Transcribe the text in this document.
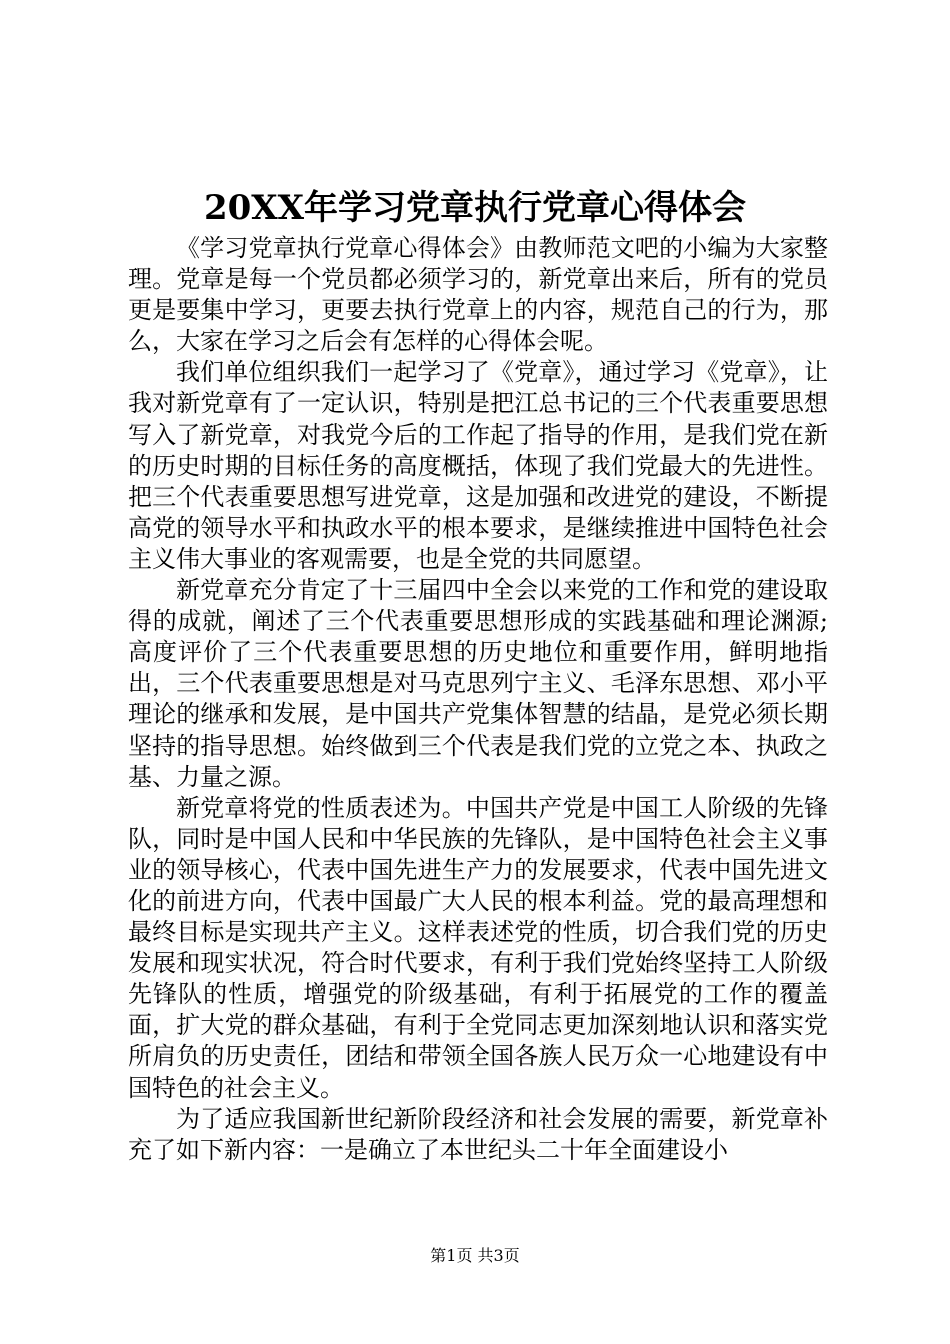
20XX年学习党章执行党章心得体会

《学习党章执行党章心得体会》由教师范文吧的小编为大家整理。党章是每一个党员都必须学习的，新党章出来后，所有的党员更是要集中学习，更要去执行党章上的内容，规范自己的行为，那么，大家在学习之后会有怎样的心得体会呢。

我们单位组织我们一起学习了《党章》，通过学习《党章》，让我对新党章有了一定认识，特别是把江总书记的三个代表重要思想写入了新党章，对我党今后的工作起了指导的作用，是我们党在新的历史时期的目标任务的高度概括，体现了我们党最大的先进性。把三个代表重要思想写进党章，这是加强和改进党的建设，不断提高党的领导水平和执政水平的根本要求，是继续推进中国特色社会主义伟大事业的客观需要，也是全党的共同愿望。

新党章充分肯定了十三届四中全会以来党的工作和党的建设取得的成就，阐述了三个代表重要思想形成的实践基础和理论渊源;高度评价了三个代表重要思想的历史地位和重要作用，鲜明地指出，三个代表重要思想是对马克思列宁主义、毛泽东思想、邓小平理论的继承和发展，是中国共产党集体智慧的结晶，是党必须长期坚持的指导思想。始终做到三个代表是我们党的立党之本、执政之基、力量之源。

新党章将党的性质表述为。中国共产党是中国工人阶级的先锋队，同时是中国人民和中华民族的先锋队，是中国特色社会主义事业的领导核心，代表中国先进生产力的发展要求，代表中国先进文化的前进方向，代表中国最广大人民的根本利益。党的最高理想和最终目标是实现共产主义。这样表述党的性质，切合我们党的历史发展和现实状况，符合时代要求，有利于我们党始终坚持工人阶级先锋队的性质，增强党的阶级基础，有利于拓展党的工作的覆盖面，扩大党的群众基础，有利于全党同志更加深刻地认识和落实党所肩负的历史责任，团结和带领全国各族人民万众一心地建设有中国特色的社会主义。

为了适应我国新世纪新阶段经济和社会发展的需要，新党章补充了如下新内容：一是确立了本世纪头二十年全面建设小

第1页 共3页
